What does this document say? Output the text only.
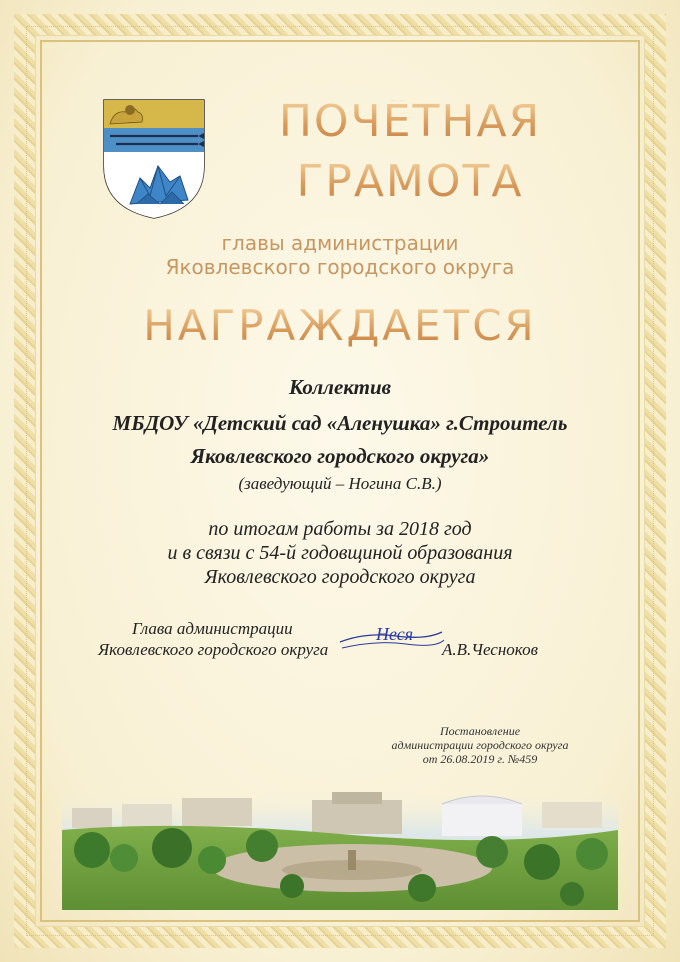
ПОЧЁТНАЯ
ГРАМОТА
главы администрации
Яковлевского городского округа
НАГРАЖДАЕТСЯ
Коллектив
МБДОУ «Детский сад «Аленушка» г.Строитель
Яковлевского городского округа»
(заведующий – Ногина С.В.)
по итогам работы за 2018 год
и в связи с 54-й годовщиной образования
Яковлевского городского округа
Глава администрации
Яковлевского городского округа
Неся
А.В.Чесноков
Постановление
администрации городского округа
от 26.08.2019 г. №459
